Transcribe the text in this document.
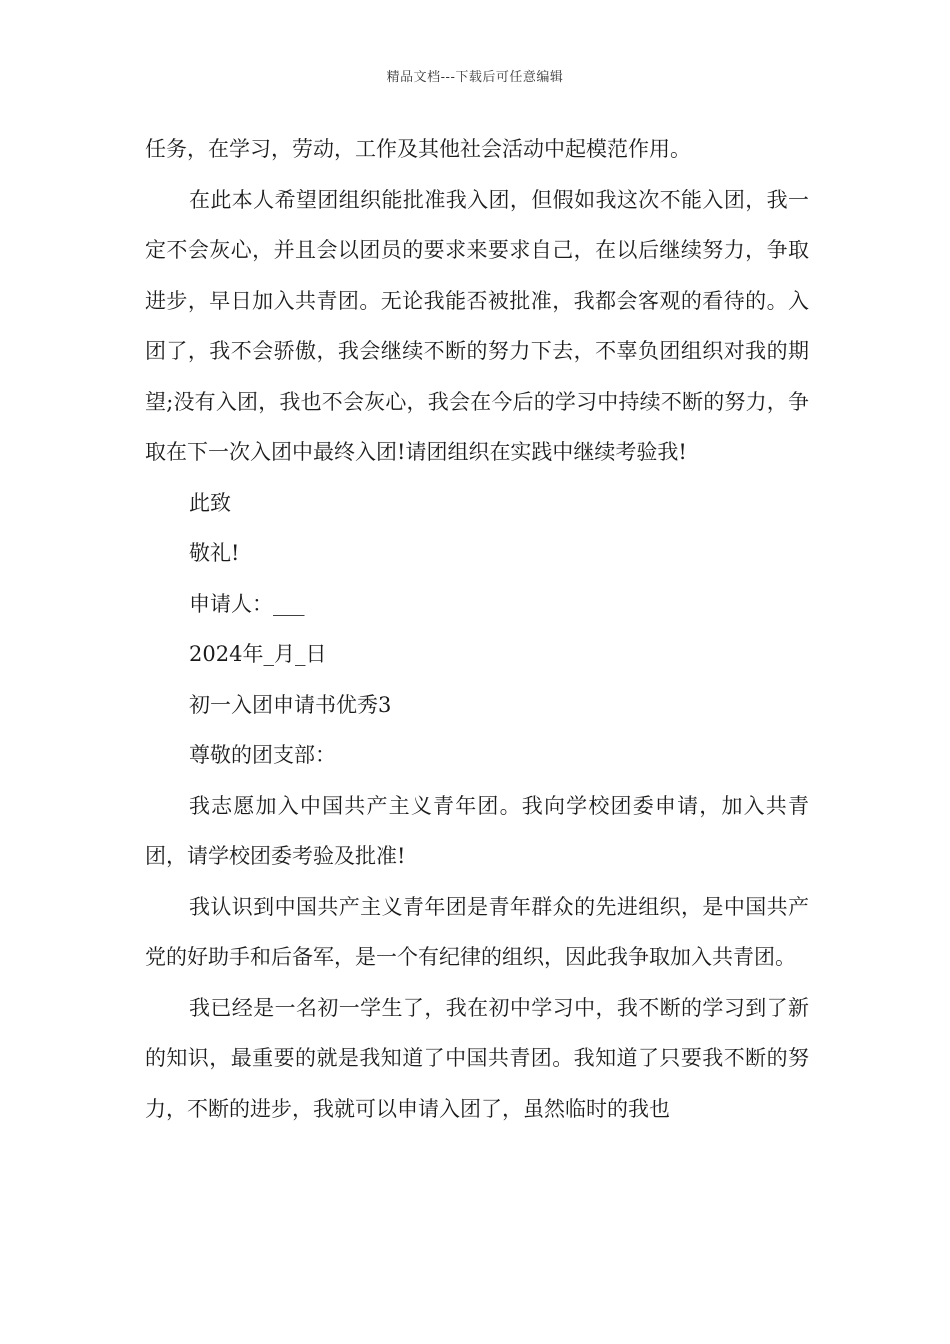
精品文档---下载后可任意编辑

任务，在学习，劳动，工作及其他社会活动中起模范作用。

在此本人希望团组织能批准我入团，但假如我这次不能入团，我一定不会灰心，并且会以团员的要求来要求自己，在以后继续努力，争取进步，早日加入共青团。无论我能否被批准，我都会客观的看待的。入团了，我不会骄傲，我会继续不断的努力下去，不辜负团组织对我的期望;没有入团，我也不会灰心，我会在今后的学习中持续不断的努力，争取在下一次入团中最终入团!请团组织在实践中继续考验我!

此致

敬礼!

申请人：___

2024年_月_日

初一入团申请书优秀3

尊敬的团支部：

我志愿加入中国共产主义青年团。我向学校团委申请，加入共青团，请学校团委考验及批准!

我认识到中国共产主义青年团是青年群众的先进组织，是中国共产党的好助手和后备军，是一个有纪律的组织，因此我争取加入共青团。

我已经是一名初一学生了，我在初中学习中，我不断的学习到了新的知识，最重要的就是我知道了中国共青团。我知道了只要我不断的努力，不断的进步，我就可以申请入团了，虽然临时的我也
